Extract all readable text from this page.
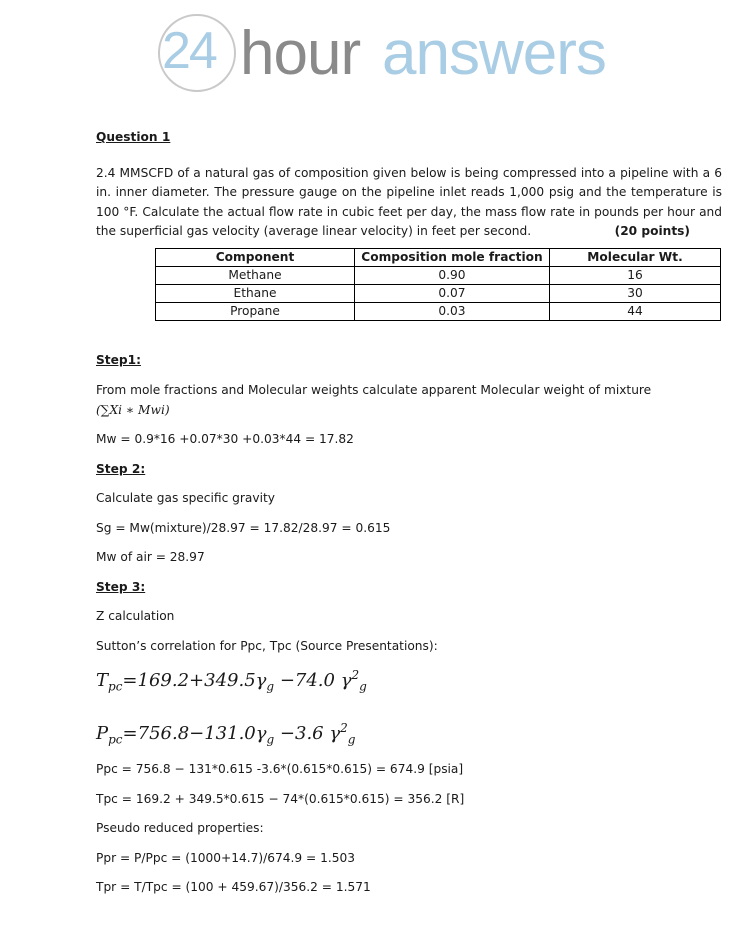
24 hour answers

Question 1

2.4 MMSCFD of a natural gas of composition given below is being compressed into a pipeline with a 6 in. inner diameter. The pressure gauge on the pipeline inlet reads 1,000 psig and the temperature is 100 °F. Calculate the actual flow rate in cubic feet per day, the mass flow rate in pounds per hour and the superficial gas velocity (average linear velocity) in feet per second.	(20 points)

Component	Composition mole fraction	Molecular Wt.
Methane	0.90	16
Ethane	0.07	30
Propane	0.03	44

Step1:

From mole fractions and Molecular weights calculate apparent Molecular weight of mixture

(∑Xi ∗ Mwi)

Mw = 0.9*16 +0.07*30 +0.03*44 = 17.82

Step 2:

Calculate gas specific gravity

Sg = Mw(mixture)/28.97 = 17.82/28.97 = 0.615

Mw of air = 28.97

Step 3:

Z calculation

Sutton’s correlation for Ppc, Tpc (Source Presentations):

$T_{pc}=169.2+349.5\gamma_g -74.0$ $\gamma^2_g$

$P_{pc}=756.8-131.0\gamma_g -3.6$ $\gamma^2_g$

Ppc = 756.8 − 131*0.615 -3.6*(0.615*0.615) = 674.9 [psia]

Tpc = 169.2 + 349.5*0.615 − 74*(0.615*0.615) = 356.2 [R]

Pseudo reduced properties:

Ppr = P/Ppc = (1000+14.7)/674.9 = 1.503

Tpr = T/Tpc = (100 + 459.67)/356.2 = 1.571
